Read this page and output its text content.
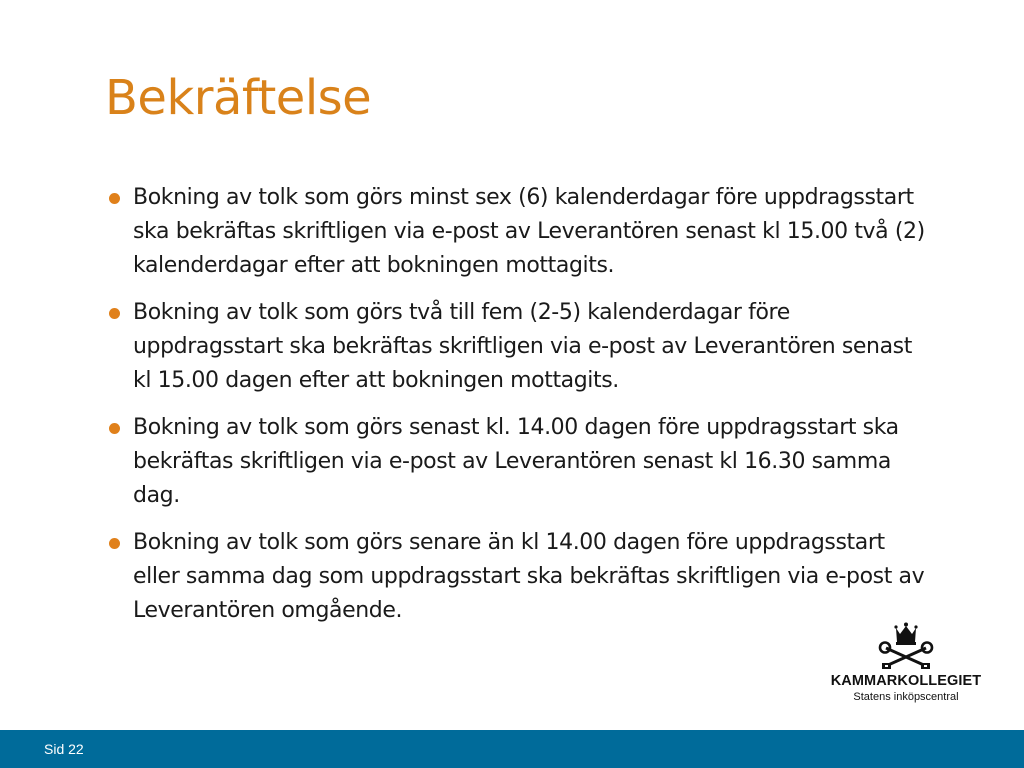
Bekräftelse
Bokning av tolk som görs minst sex (6) kalenderdagar före uppdragsstart ska bekräftas skriftligen via e-post av Leverantören senast kl 15.00 två (2) kalenderdagar efter att bokningen mottagits.
Bokning av tolk som görs två till fem (2-5) kalenderdagar före uppdragsstart ska bekräftas skriftligen via e-post av Leverantören senast kl 15.00 dagen efter att bokningen mottagits.
Bokning av tolk som görs senast kl. 14.00 dagen före uppdragsstart ska bekräftas skriftligen via e-post av Leverantören senast kl 16.30 samma dag.
Bokning av tolk som görs senare än kl 14.00 dagen före uppdragsstart eller samma dag som uppdragsstart ska bekräftas skriftligen via e-post av Leverantören omgående.
KAMMARKOLLEGIET
Statens inköpscentral
Sid 22
